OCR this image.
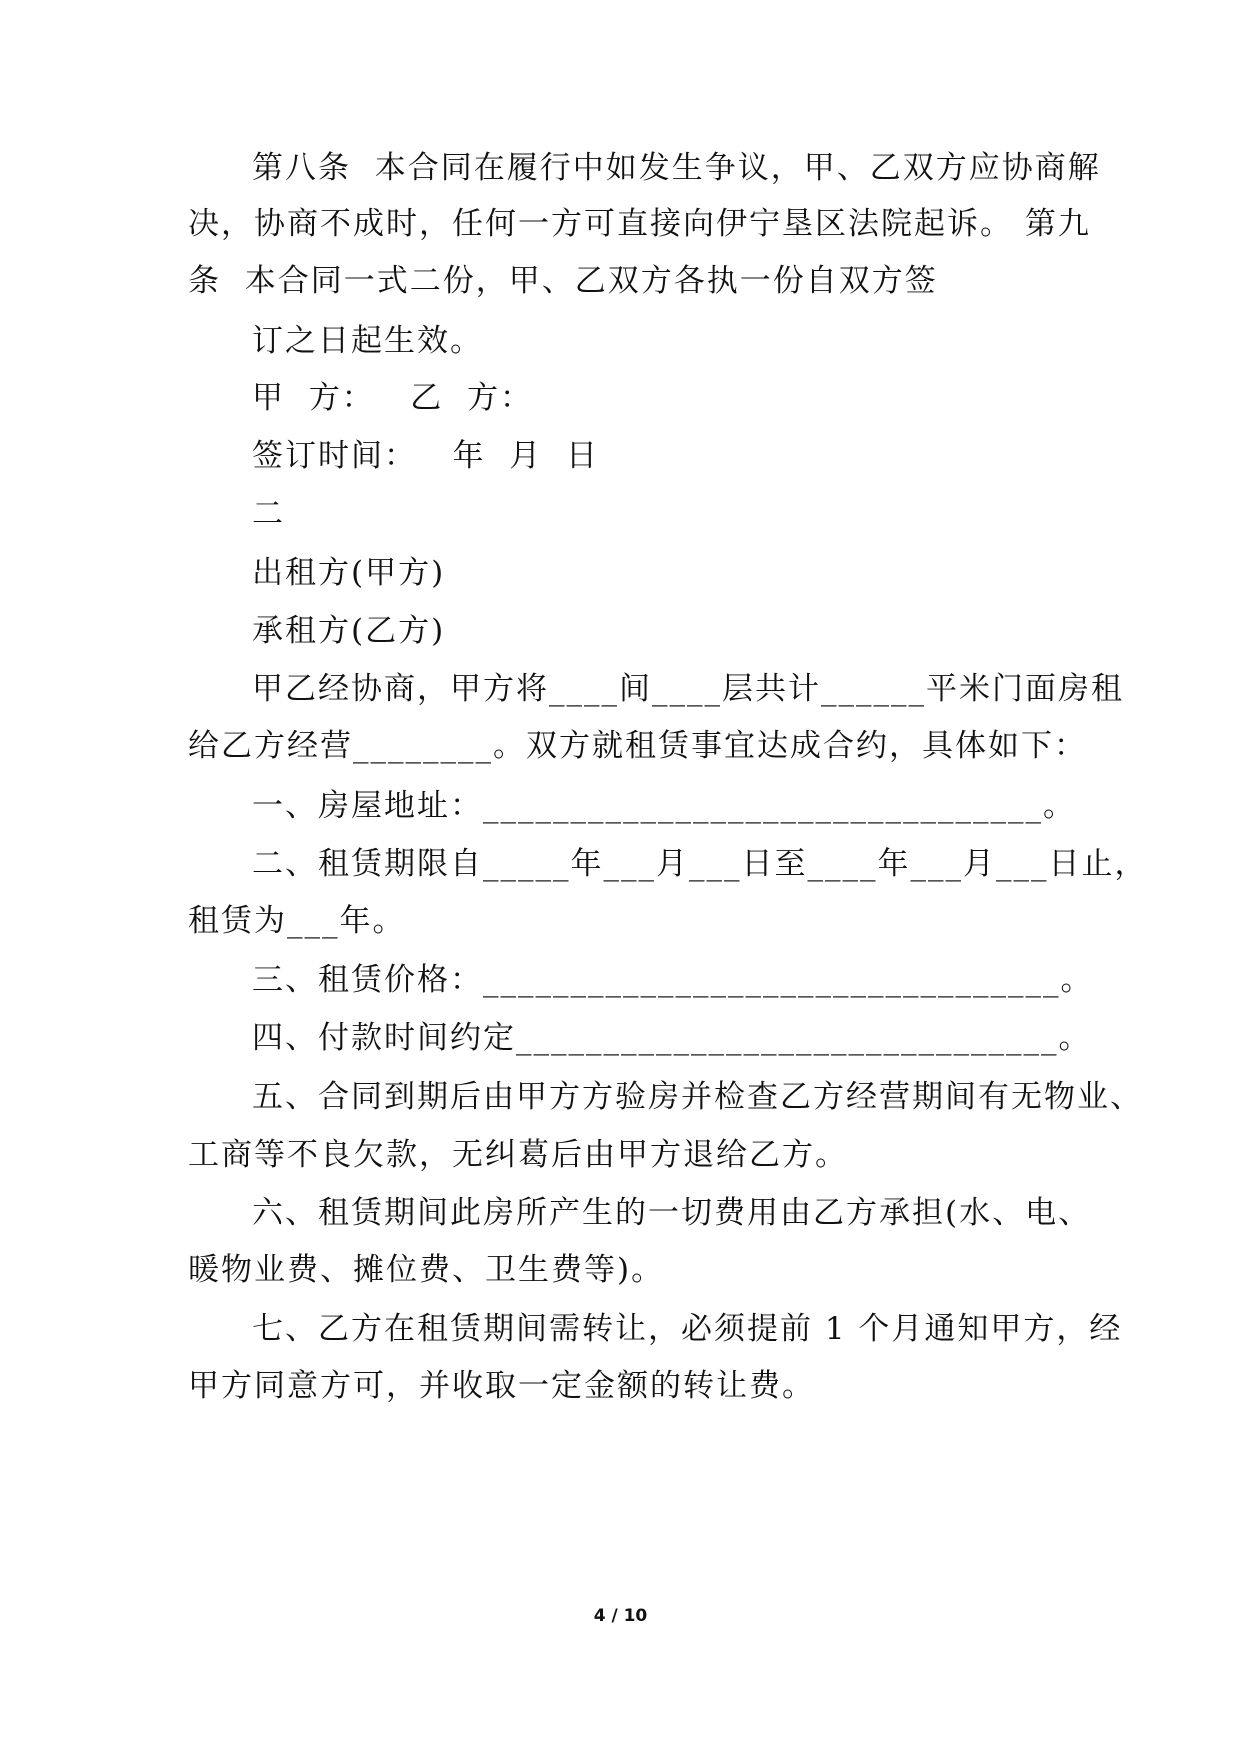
第八条  本合同在履行中如发生争议，甲、乙双方应协商解
决，协商不成时，任何一方可直接向伊宁垦区法院起诉。 第九
条  本合同一式二份，甲、乙双方各执一份自双方签
订之日起生效。
甲  方：   乙  方：
签订时间：   年  月  日
二
出租方(甲方)
承租方(乙方)
甲乙经协商，甲方将____间____层共计______平米门面房租
给乙方经营________。双方就租赁事宜达成合约，具体如下：
一、房屋地址：________________________________。
二、租赁期限自_____年___月___日至____年___月___日止，
租赁为___年。
三、租赁价格：_________________________________。
四、付款时间约定_______________________________。
五、合同到期后由甲方方验房并检查乙方经营期间有无物业、
工商等不良欠款，无纠葛后由甲方退给乙方。
六、租赁期间此房所产生的一切费用由乙方承担(水、电、
暖物业费、摊位费、卫生费等)。
七、乙方在租赁期间需转让，必须提前 1 个月通知甲方，经
甲方同意方可，并收取一定金额的转让费。
4 / 10
